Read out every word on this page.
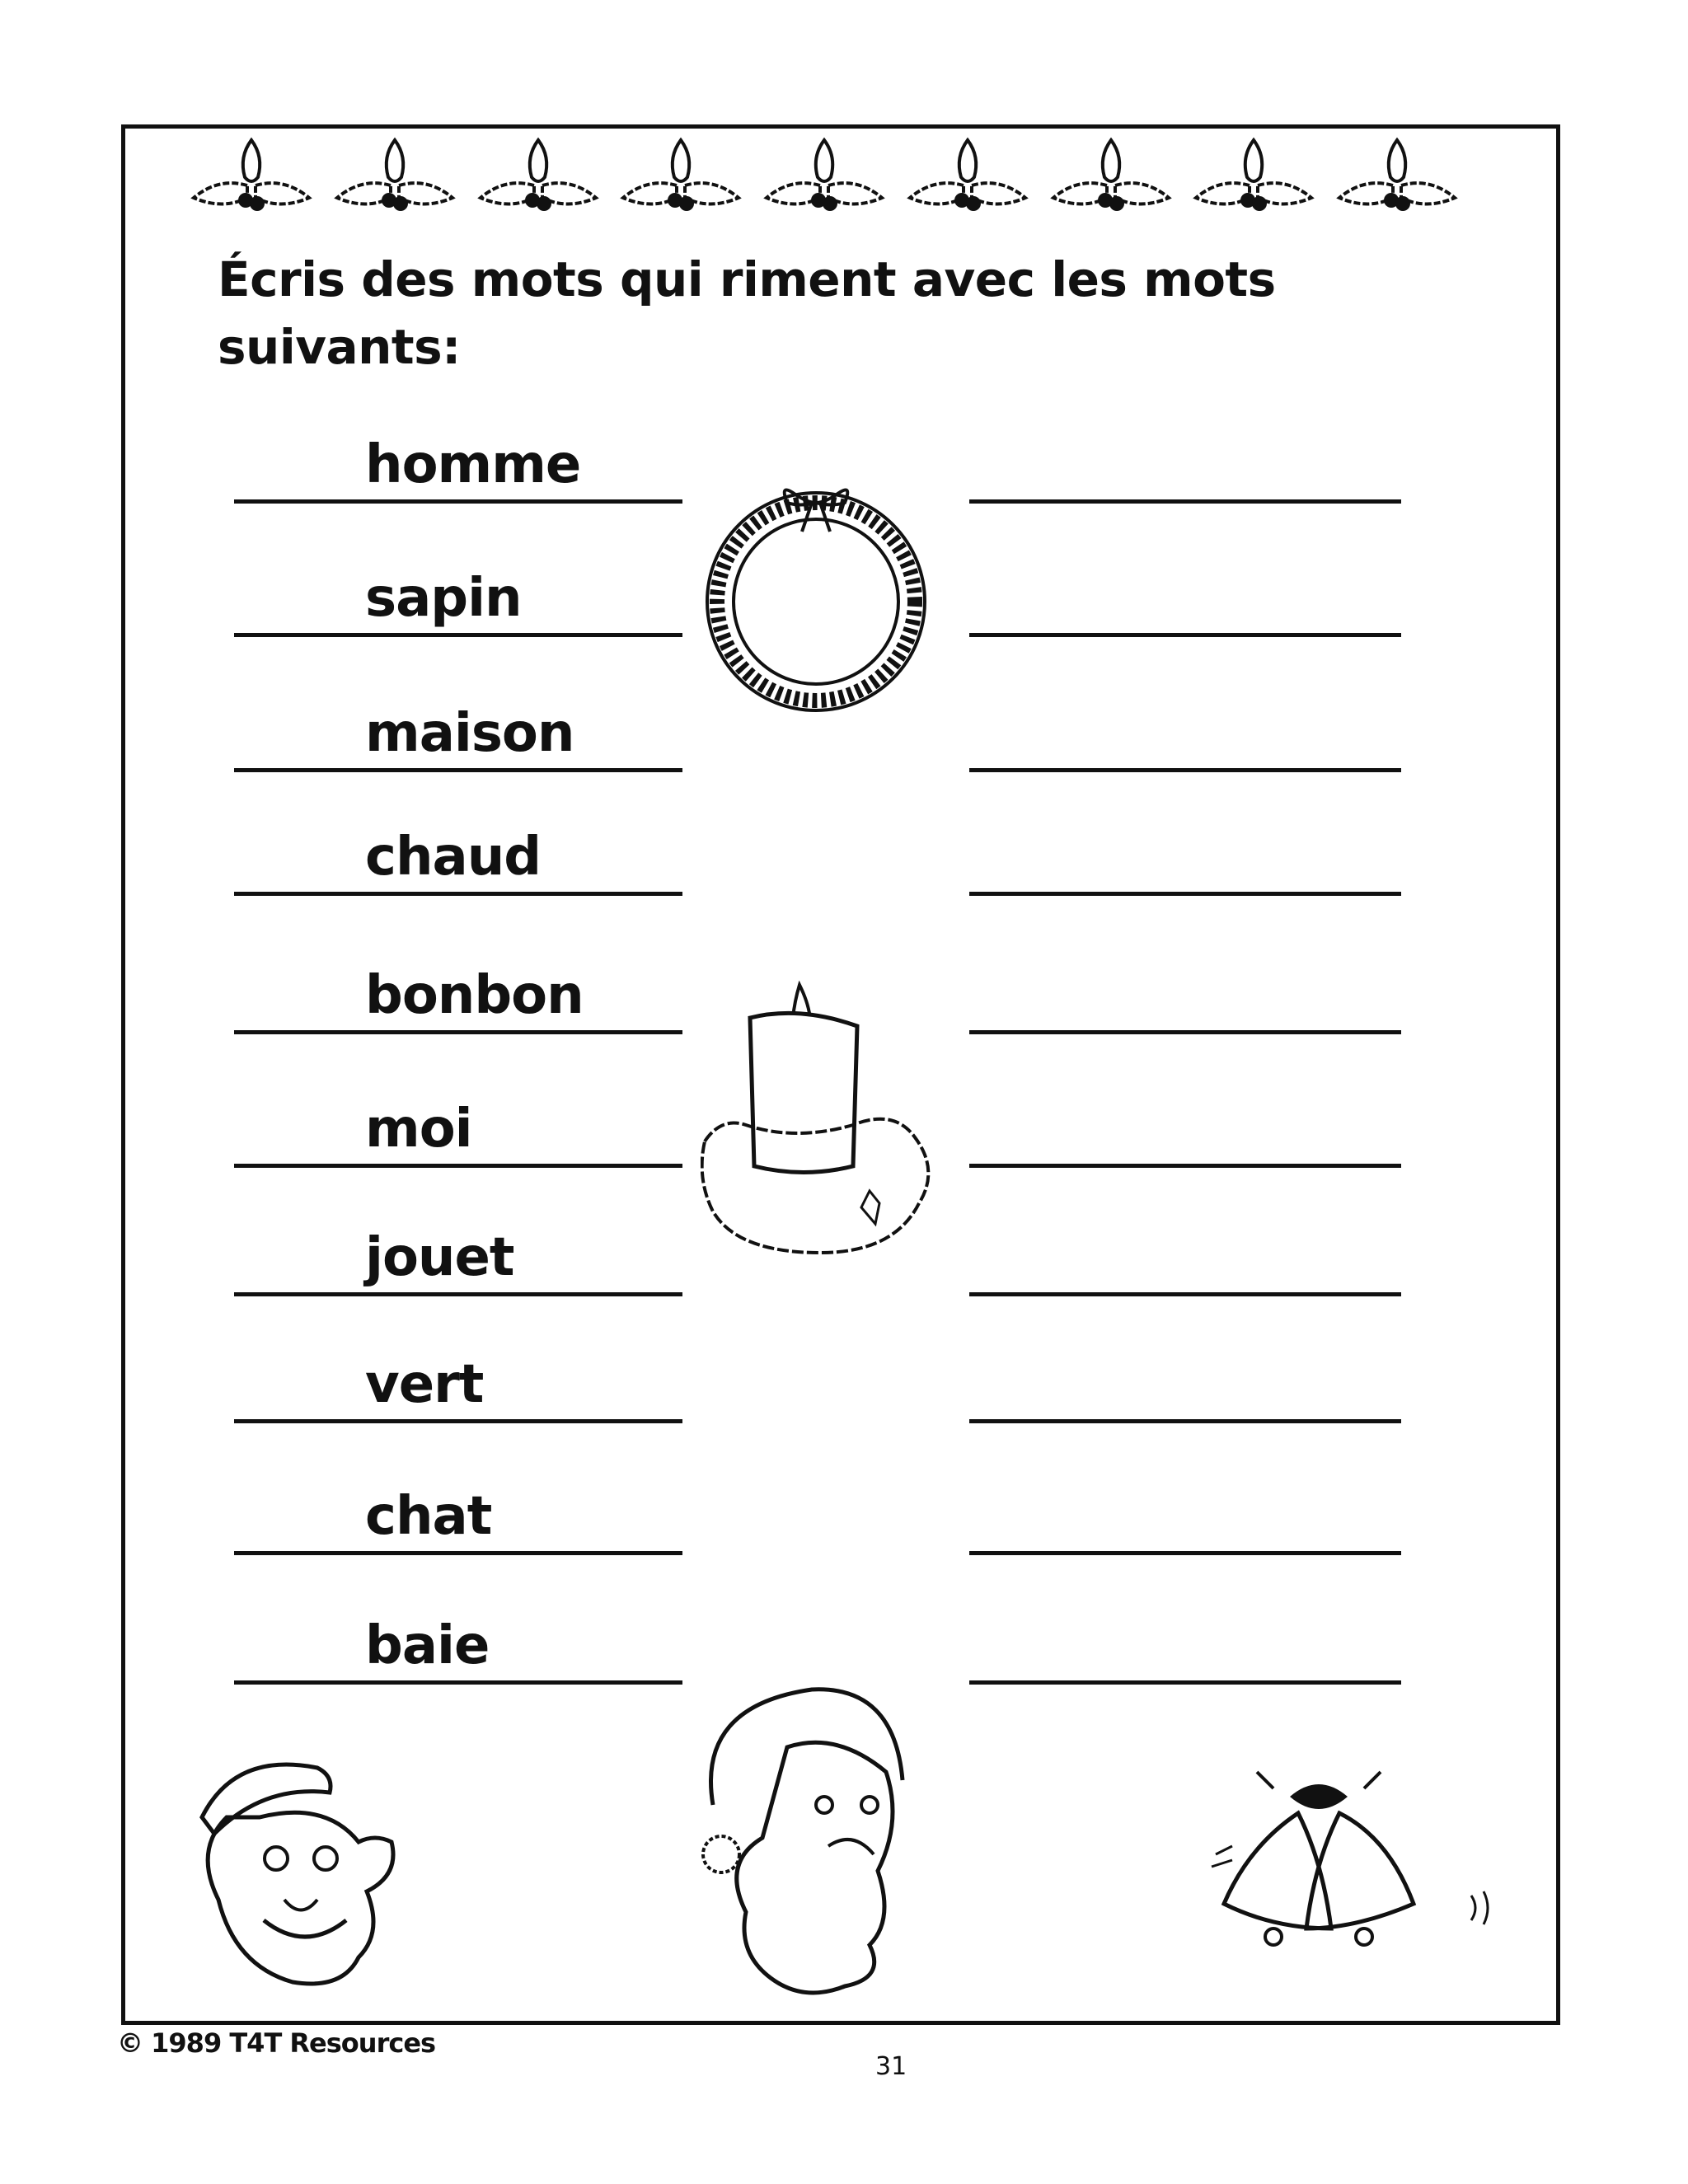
Écris des mots qui riment avec les mots
suivants:
homme
sapin
maison
chaud
bonbon
moi
jouet
vert
chat
baie
© 1989 T4T Resources
31
